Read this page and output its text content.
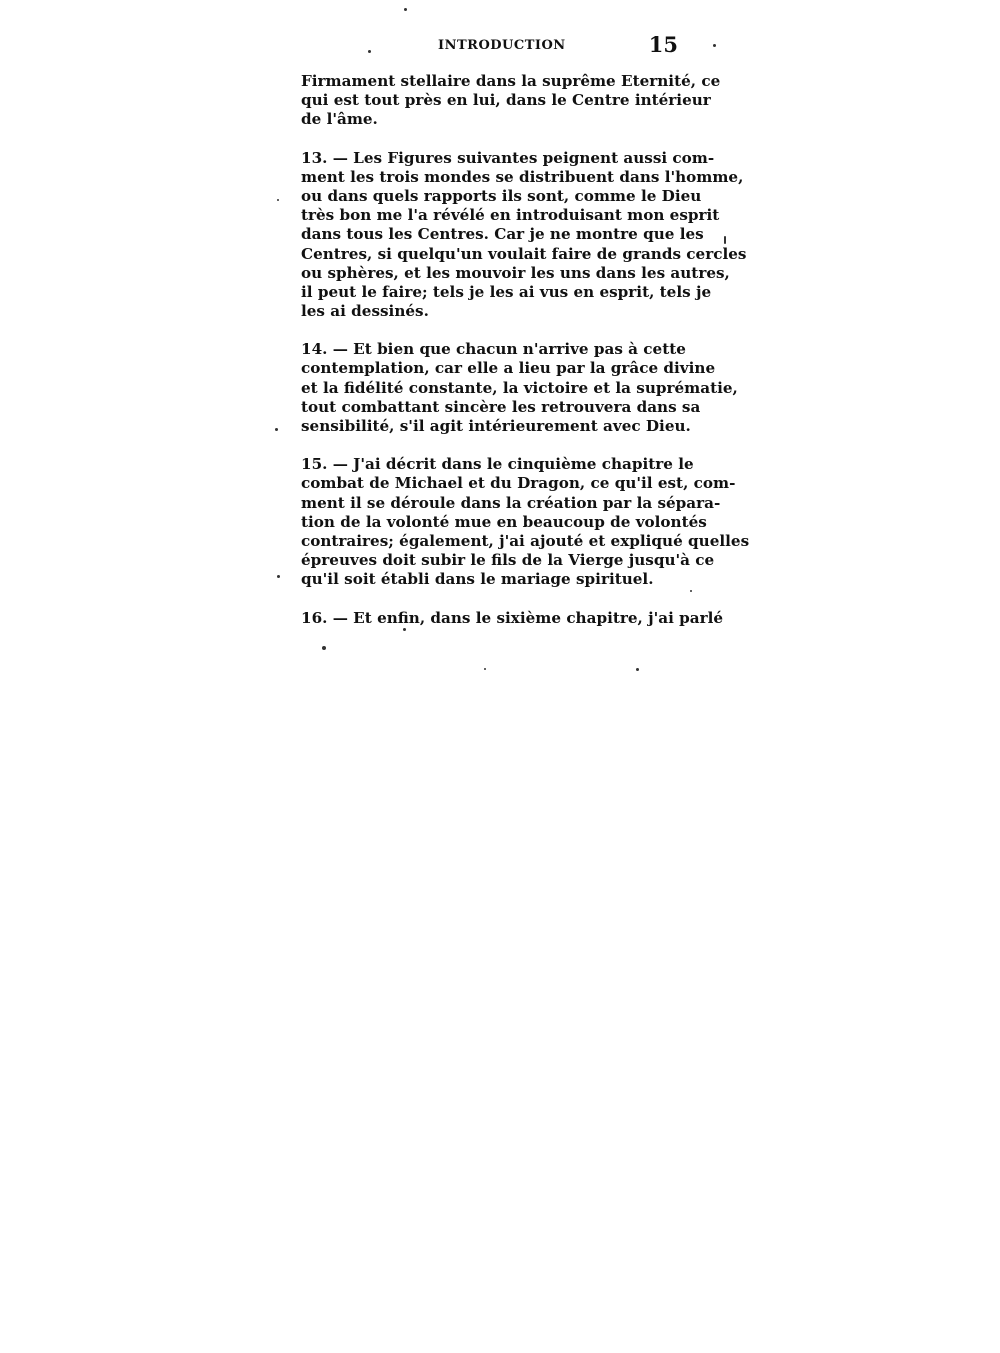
INTRODUCTION	15
Firmament stellaire dans la suprême Eternité, ce
qui est tout près en lui, dans le Centre intérieur
de l'âme.
13. — Les Figures suivantes peignent aussi com-
ment les trois mondes se distribuent dans l'homme,
ou dans quels rapports ils sont, comme le Dieu
très bon me l'a révélé en introduisant mon esprit
dans tous les Centres. Car je ne montre que les
Centres, si quelqu'un voulait faire de grands cercles
ou sphères, et les mouvoir les uns dans les autres,
il peut le faire; tels je les ai vus en esprit, tels je
les ai dessinés.
14. — Et bien que chacun n'arrive pas à cette
contemplation, car elle a lieu par la grâce divine
et la fidélité constante, la victoire et la suprématie,
tout combattant sincère les retrouvera dans sa
sensibilité, s'il agit intérieurement avec Dieu.
15. — J'ai décrit dans le cinquième chapitre le
combat de Michael et du Dragon, ce qu'il est, com-
ment il se déroule dans la création par la sépara-
tion de la volonté mue en beaucoup de volontés
contraires; également, j'ai ajouté et expliqué quelles
épreuves doit subir le fils de la Vierge jusqu'à ce
qu'il soit établi dans le mariage spirituel.
16. — Et enfin, dans le sixième chapitre, j'ai parlé
